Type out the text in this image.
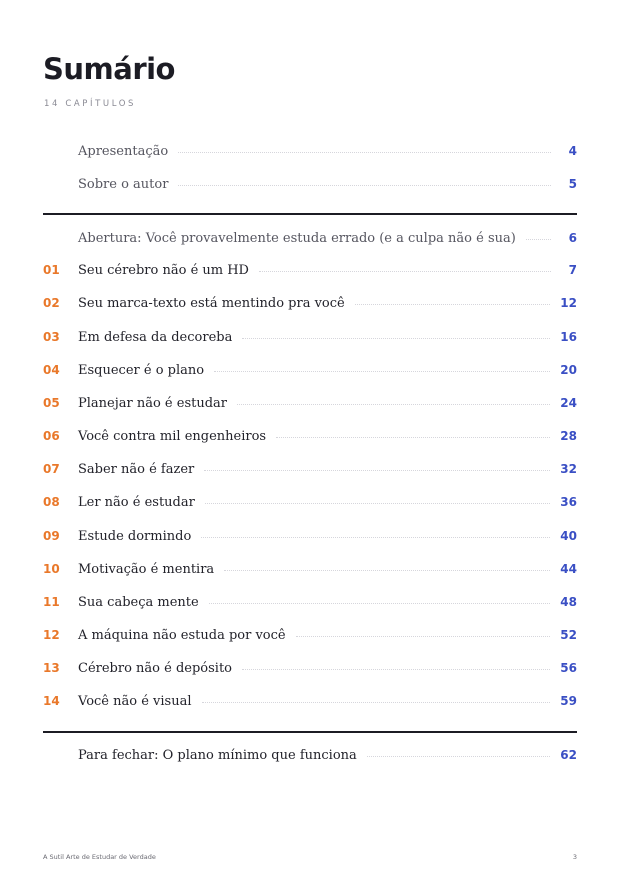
Sumário
14 CAPÍTULOS
Apresentação	4
Sobre o autor	5
Abertura: Você provavelmente estuda errado (e a culpa não é sua)	6
01	Seu cérebro não é um HD	7
02	Seu marca-texto está mentindo pra você	12
03	Em defesa da decoreba	16
04	Esquecer é o plano	20
05	Planejar não é estudar	24
06	Você contra mil engenheiros	28
07	Saber não é fazer	32
08	Ler não é estudar	36
09	Estude dormindo	40
10	Motivação é mentira	44
11	Sua cabeça mente	48
12	A máquina não estuda por você	52
13	Cérebro não é depósito	56
14	Você não é visual	59
Para fechar: O plano mínimo que funciona	62
A Sutil Arte de Estudar de Verdade	3
